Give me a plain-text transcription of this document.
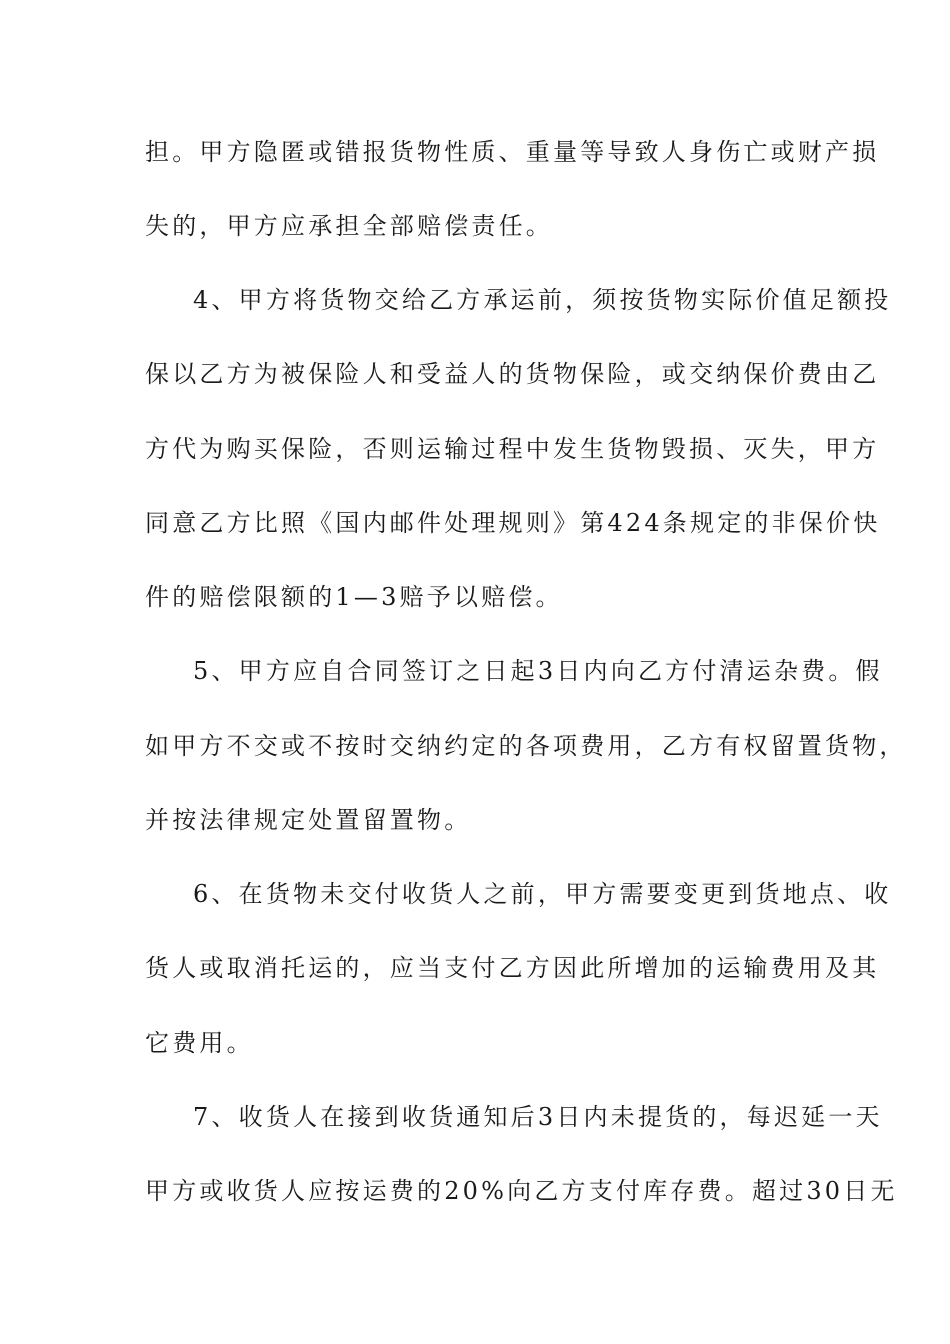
担。甲方隐匿或错报货物性质、重量等导致人身伤亡或财产损
失的，甲方应承担全部赔偿责任。
4、甲方将货物交给乙方承运前，须按货物实际价值足额投
保以乙方为被保险人和受益人的货物保险，或交纳保价费由乙
方代为购买保险，否则运输过程中发生货物毁损、灭失，甲方
同意乙方比照《国内邮件处理规则》第424条规定的非保价快
件的赔偿限额的1—3赔予以赔偿。
5、甲方应自合同签订之日起3日内向乙方付清运杂费。假
如甲方不交或不按时交纳约定的各项费用，乙方有权留置货物，
并按法律规定处置留置物。
6、在货物未交付收货人之前，甲方需要变更到货地点、收
货人或取消托运的，应当支付乙方因此所增加的运输费用及其
它费用。
7、收货人在接到收货通知后3日内未提货的，每迟延一天
甲方或收货人应按运费的20%向乙方支付库存费。超过30日无
